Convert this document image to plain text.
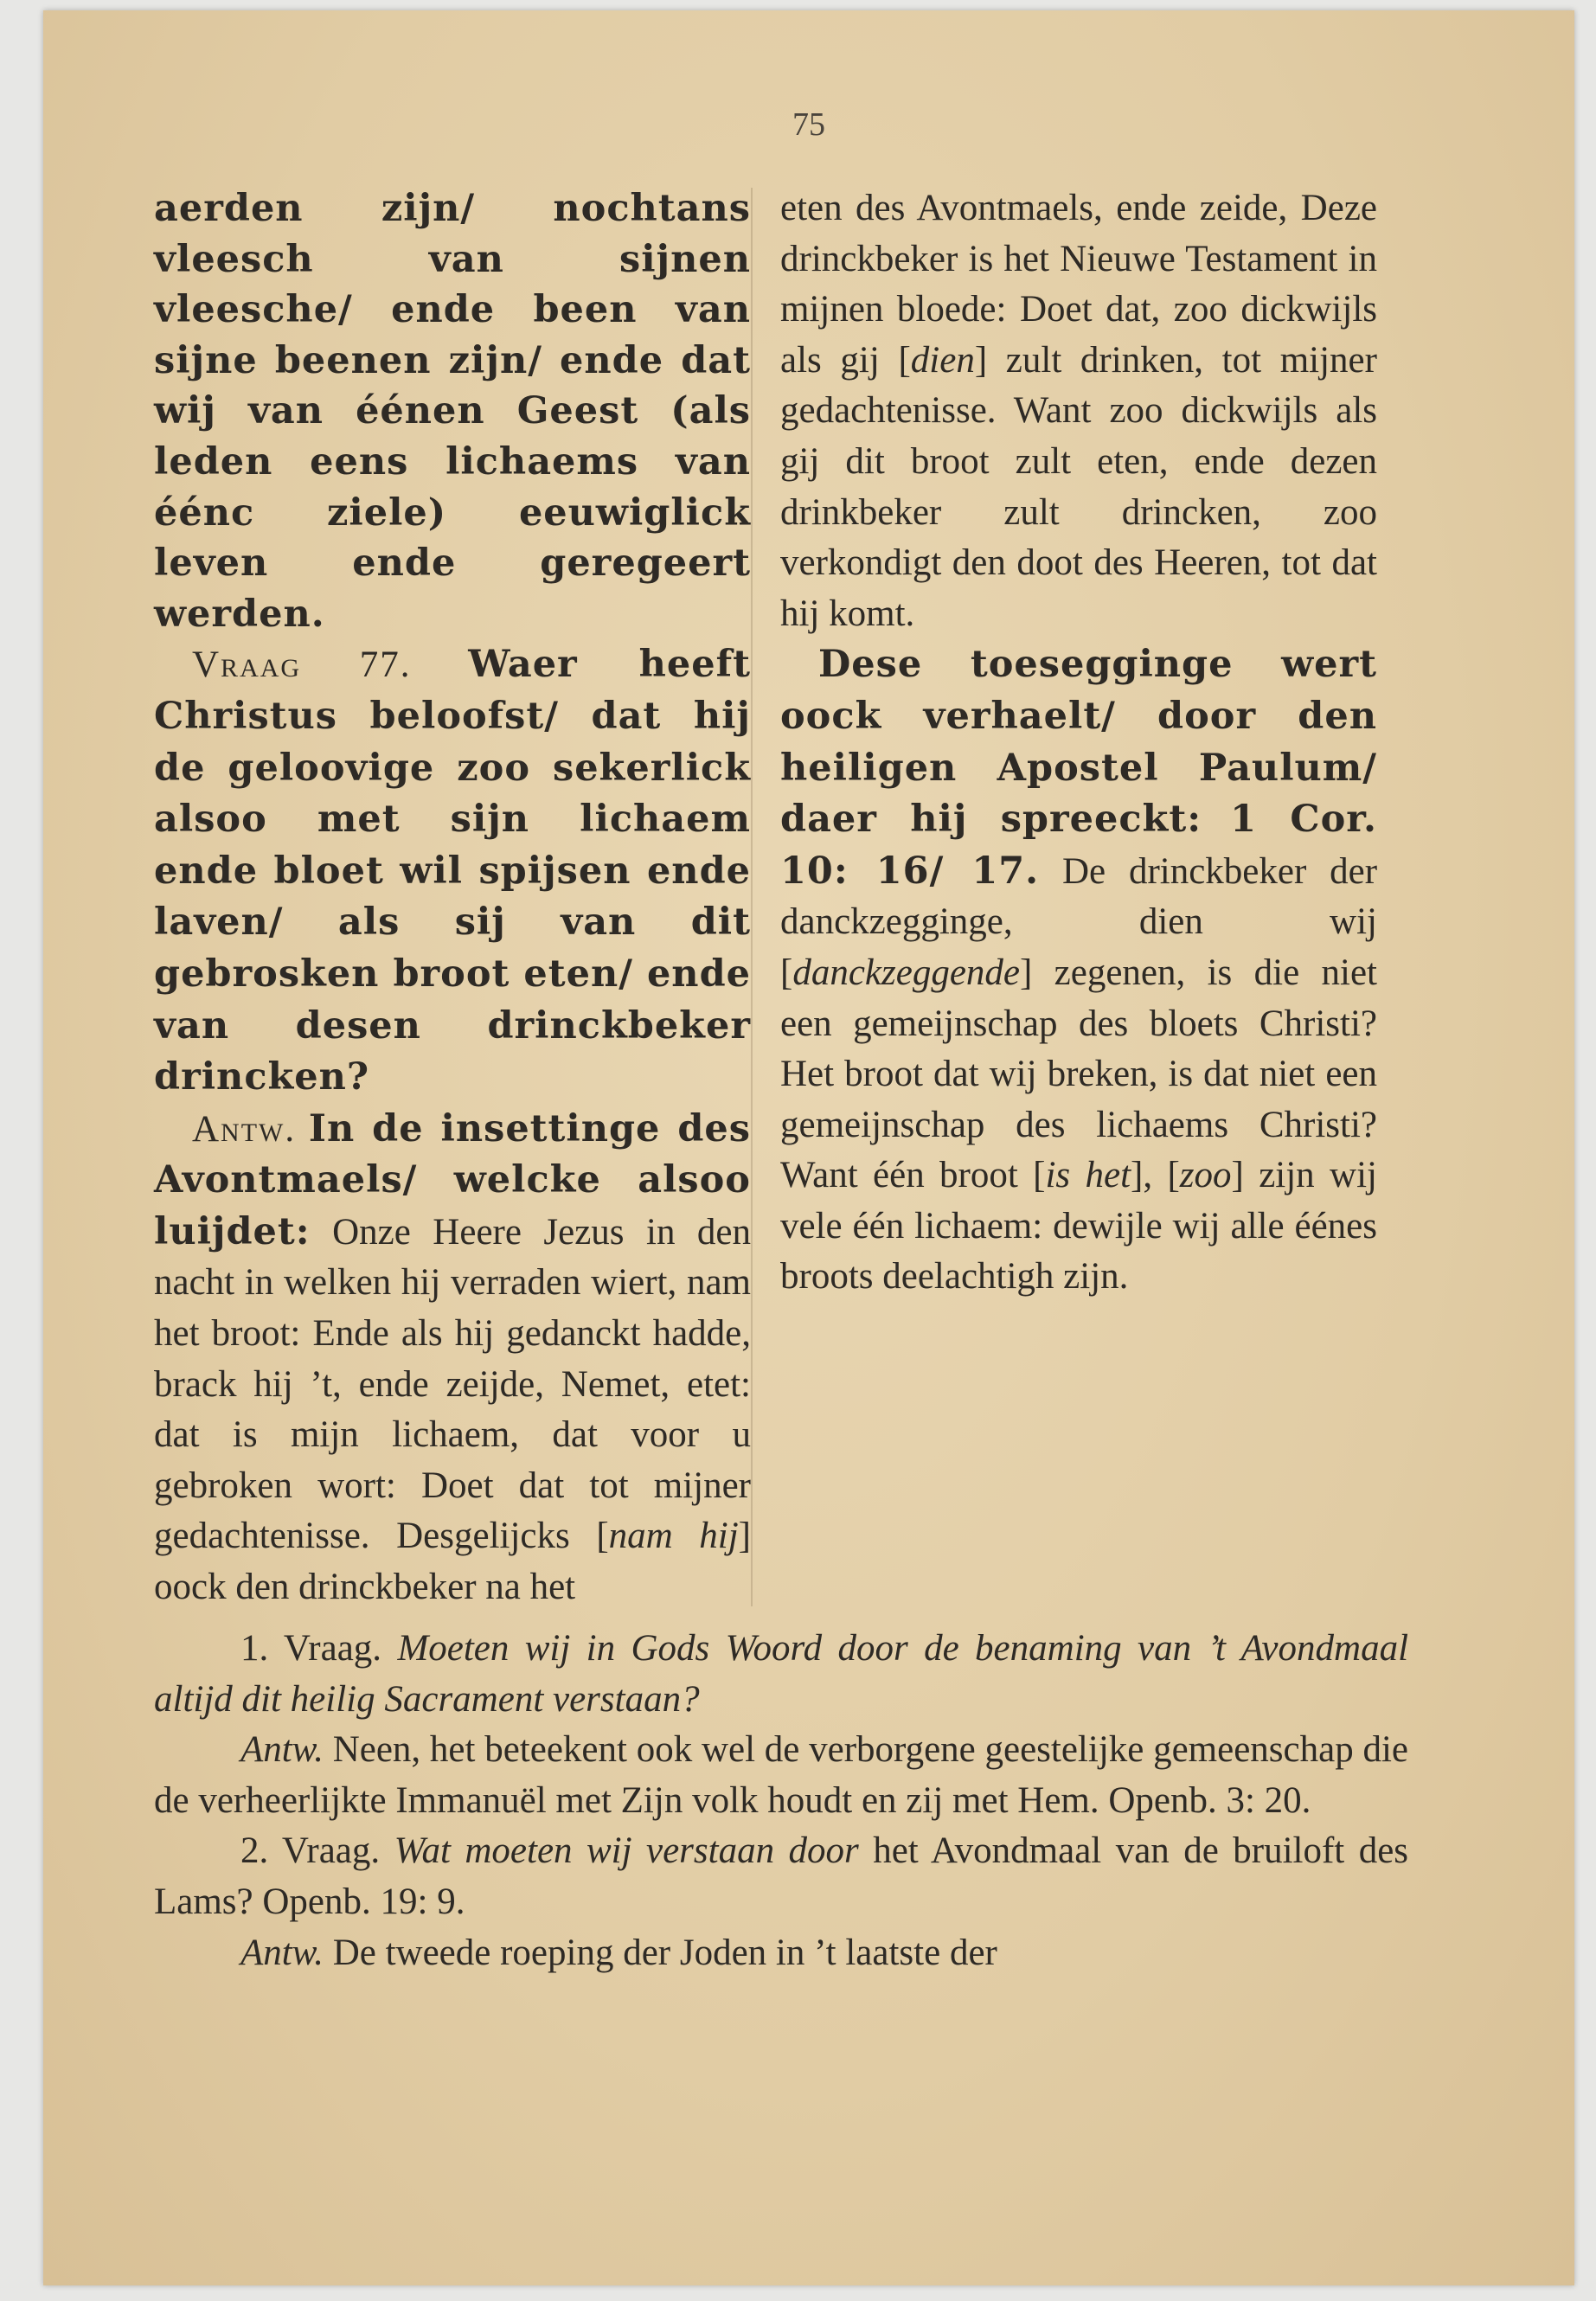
75
aerden zijn/ nochtans vleesch van sijnen vleesche/ ende been van sijne beenen zijn/ ende dat wij van éénen Geest (als leden eens lichaems van éénc ziele) eeuwiglick leven ende geregeert werden.
Vraag 77. Waer heeft Christus beloofst/ dat hij de geloovige zoo sekerlick alsoo met sijn lichaem ende bloet wil spijsen ende laven/ als sij van dit gebrosken broot eten/ ende van desen drinckbeker drincken?
Antw. In de insettinge des Avontmaels/ welcke alsoo luijdet: Onze Heere Jezus in den nacht in welken hij verraden wiert, nam het broot: Ende als hij gedanckt hadde, brack hij ’t, ende zeijde, Nemet, etet: dat is mijn lichaem, dat voor u gebroken wort: Doet dat tot mijner gedachtenisse. Desgelijcks [nam hij] oock den drinckbeker na het
eten des Avontmaels, ende zeide, Deze drinckbeker is het Nieuwe Testament in mijnen bloede: Doet dat, zoo dickwijls als gij [dien] zult drinken, tot mijner gedachtenisse. Want zoo dickwijls als gij dit broot zult eten, ende dezen drinkbeker zult drincken, zoo verkondigt den doot des Heeren, tot dat hij komt.
Dese toesegginge wert oock verhaelt/ door den heiligen Apostel Paulum/ daer hij spreeckt: 1 Cor. 10: 16/ 17. De drinckbeker der danckzegginge, dien wij [danckzeggende] zegenen, is die niet een gemeijnschap des bloets Christi? Het broot dat wij breken, is dat niet een gemeijnschap des lichaems Christi? Want één broot [is het], [zoo] zijn wij vele één lichaem: dewijle wij alle éénes broots deelachtigh zijn.
1. Vraag. Moeten wij in Gods Woord door de benaming van ’t Avondmaal altijd dit heilig Sacrament verstaan?
Antw. Neen, het beteekent ook wel de verborgene geestelijke gemeenschap die de verheerlijkte Immanuël met Zijn volk houdt en zij met Hem. Openb. 3: 20.
2. Vraag. Wat moeten wij verstaan door het Avondmaal van de bruiloft des Lams? Openb. 19: 9.
Antw. De tweede roeping der Joden in ’t laatste der
